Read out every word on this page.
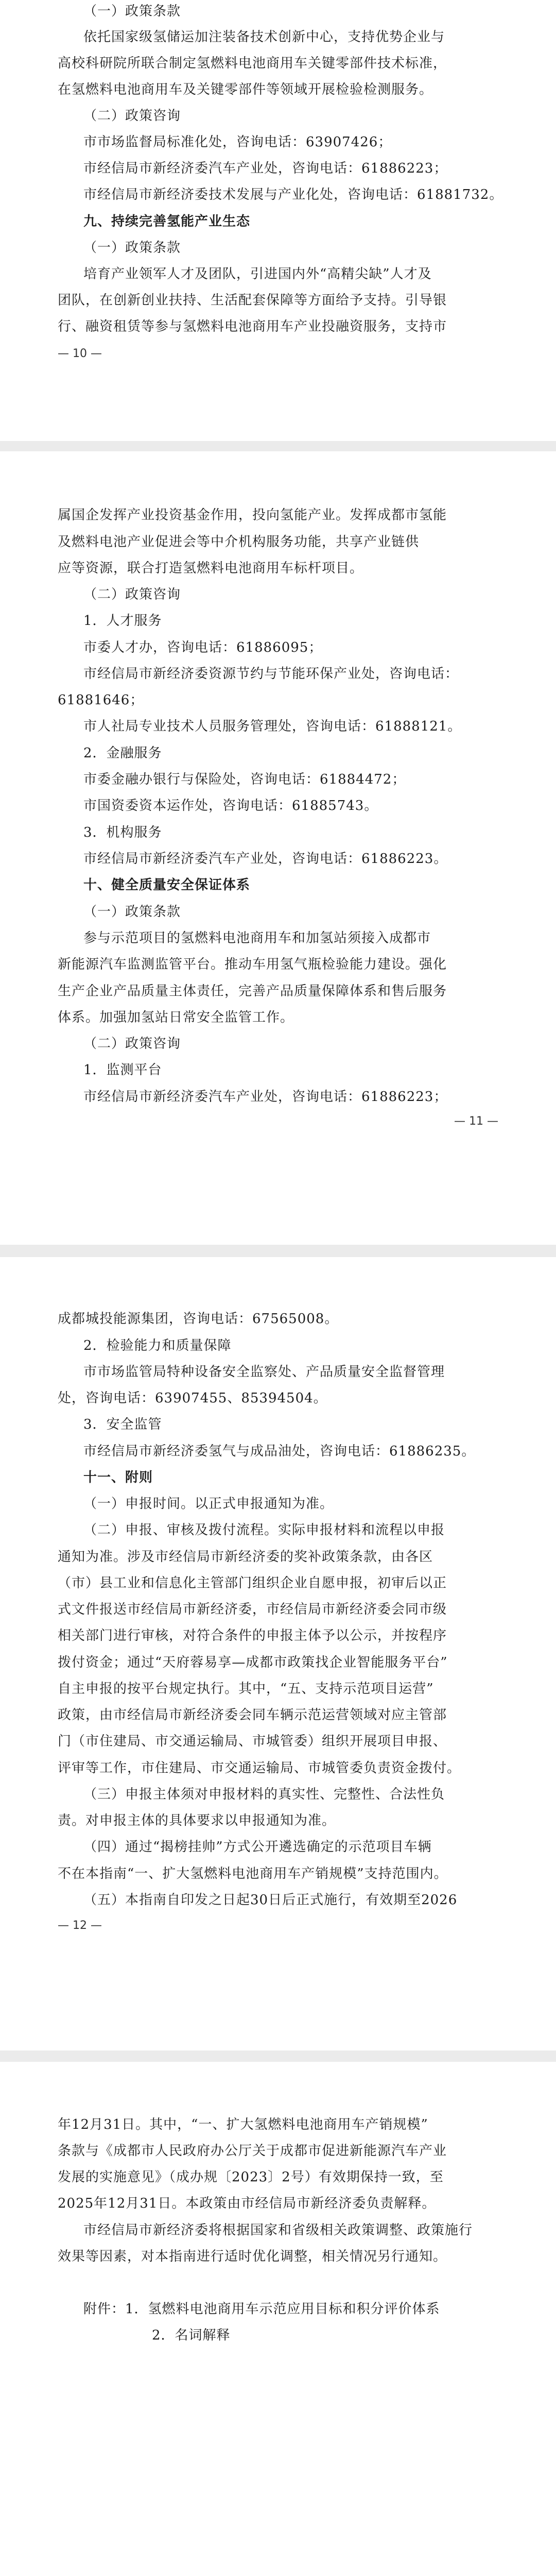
（一）政策条款
依托国家级氢储运加注装备技术创新中心，支持优势企业与
高校科研院所联合制定氢燃料电池商用车关键零部件技术标准，
在氢燃料电池商用车及关键零部件等领域开展检验检测服务。
（二）政策咨询
市市场监督局标准化处，咨询电话：63907426；
市经信局市新经济委汽车产业处，咨询电话：61886223；
市经信局市新经济委技术发展与产业化处，咨询电话：61881732。
九、持续完善氢能产业生态
（一）政策条款
培育产业领军人才及团队，引进国内外“高精尖缺”人才及
团队，在创新创业扶持、生活配套保障等方面给予支持。引导银
行、融资租赁等参与氢燃料电池商用车产业投融资服务，支持市
— 10 —
属国企发挥产业投资基金作用，投向氢能产业。发挥成都市氢能
及燃料电池产业促进会等中介机构服务功能，共享产业链供
应等资源，联合打造氢燃料电池商用车标杆项目。
（二）政策咨询
1．人才服务
市委人才办，咨询电话：61886095；
市经信局市新经济委资源节约与节能环保产业处，咨询电话：
61881646；
市人社局专业技术人员服务管理处，咨询电话：61888121。
2．金融服务
市委金融办银行与保险处，咨询电话：61884472；
市国资委资本运作处，咨询电话：61885743。
3．机构服务
市经信局市新经济委汽车产业处，咨询电话：61886223。
十、健全质量安全保证体系
（一）政策条款
参与示范项目的氢燃料电池商用车和加氢站须接入成都市
新能源汽车监测监管平台。推动车用氢气瓶检验能力建设。强化
生产企业产品质量主体责任，完善产品质量保障体系和售后服务
体系。加强加氢站日常安全监管工作。
（二）政策咨询
1．监测平台
市经信局市新经济委汽车产业处，咨询电话：61886223；
— 11 —
成都城投能源集团，咨询电话：67565008。
2．检验能力和质量保障
市市场监管局特种设备安全监察处、产品质量安全监督管理
处，咨询电话：63907455、85394504。
3．安全监管
市经信局市新经济委氢气与成品油处，咨询电话：61886235。
十一、附则
（一）申报时间。以正式申报通知为准。
（二）申报、审核及拨付流程。实际申报材料和流程以申报
通知为准。涉及市经信局市新经济委的奖补政策条款，由各区
（市）县工业和信息化主管部门组织企业自愿申报，初审后以正
式文件报送市经信局市新经济委，市经信局市新经济委会同市级
相关部门进行审核，对符合条件的申报主体予以公示，并按程序
拨付资金；通过“天府蓉易享—成都市政策找企业智能服务平台”
自主申报的按平台规定执行。其中，“五、支持示范项目运营”
政策，由市经信局市新经济委会同车辆示范运营领域对应主管部
门（市住建局、市交通运输局、市城管委）组织开展项目申报、
评审等工作，市住建局、市交通运输局、市城管委负责资金拨付。
（三）申报主体须对申报材料的真实性、完整性、合法性负
责。对申报主体的具体要求以申报通知为准。
（四）通过“揭榜挂帅”方式公开遴选确定的示范项目车辆
不在本指南“一、扩大氢燃料电池商用车产销规模”支持范围内。
（五）本指南自印发之日起30日后正式施行，有效期至2026
— 12 —
年12月31日。其中，“一、扩大氢燃料电池商用车产销规模”
条款与《成都市人民政府办公厅关于成都市促进新能源汽车产业
发展的实施意见》（成办规〔2023〕2号）有效期保持一致，至
2025年12月31日。本政策由市经信局市新经济委负责解释。
市经信局市新经济委将根据国家和省级相关政策调整、政策施行
效果等因素，对本指南进行适时优化调整，相关情况另行通知。
附件：1．氢燃料电池商用车示范应用目标和积分评价体系
2．名词解释
